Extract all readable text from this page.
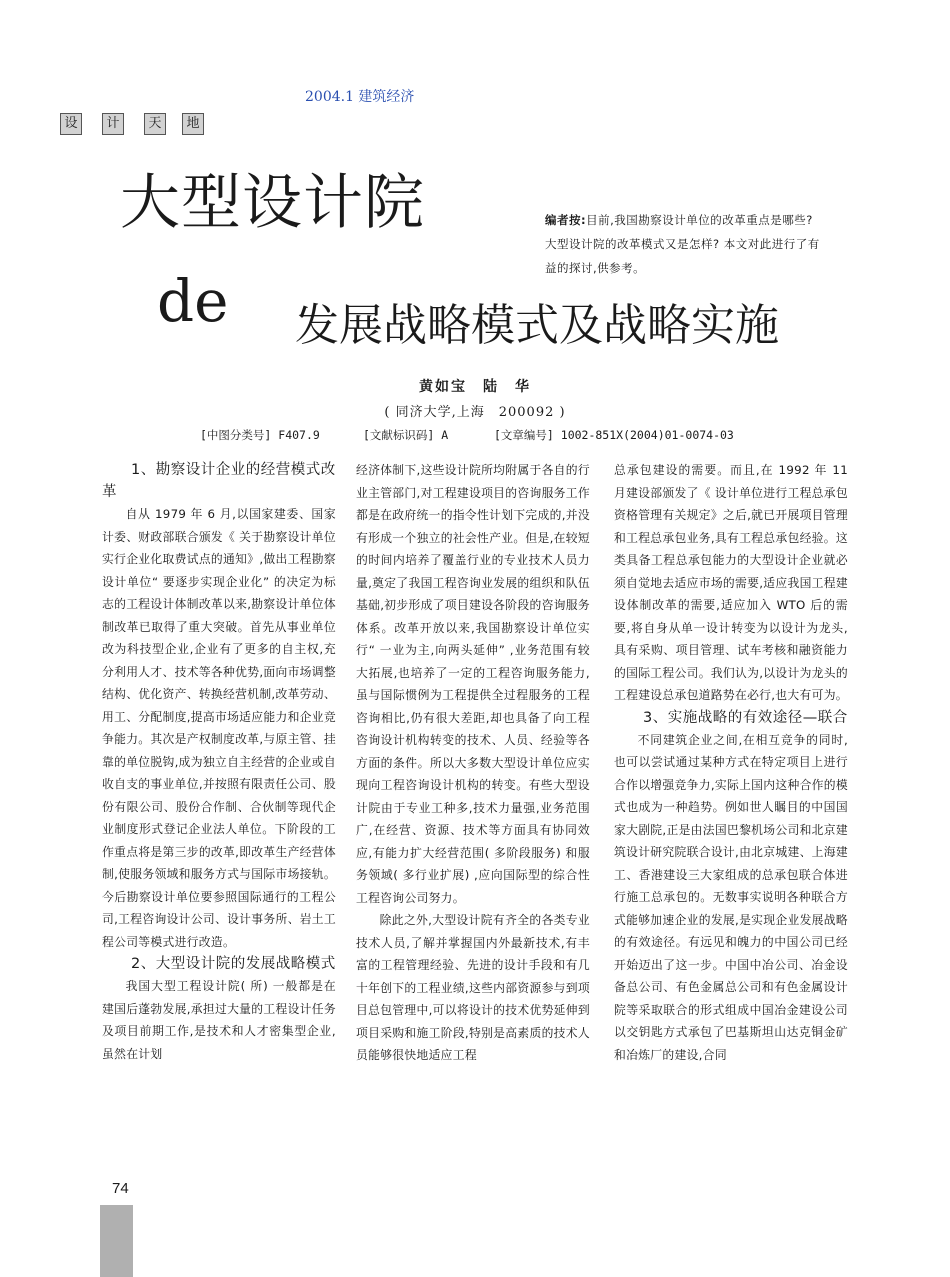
2004.1 建筑经济
设	计	天	地
大型设计院
de 发展战略模式及战略实施
编者按:目前,我国勘察设计单位的改革重点是哪些? 大型设计院的改革模式又是怎样? 本文对此进行了有益的探讨,供参考。
黄如宝　陆　华
( 同济大学,上海　200092 )
[中图分类号] F407.9	[文献标识码] A	[文章编号] 1002-851X(2004)01-0074-03
1、勘察设计企业的经营模式改革

自从 1979 年 6 月,以国家建委、国家计委、财政部联合颁发《 关于勘察设计单位实行企业化取费试点的通知》,做出工程勘察设计单位“ 要逐步实现企业化” 的决定为标志的工程设计体制改革以来,勘察设计单位体制改革已取得了重大突破。首先从事业单位改为科技型企业,企业有了更多的自主权,充分利用人才、技术等各种优势,面向市场调整结构、优化资产、转换经营机制,改革劳动、用工、分配制度,提高市场适应能力和企业竞争能力。其次是产权制度改革,与原主管、挂靠的单位脱钩,成为独立自主经营的企业或自收自支的事业单位,并按照有限责任公司、股份有限公司、股份合作制、合伙制等现代企业制度形式登记企业法人单位。下阶段的工作重点将是第三步的改革,即改革生产经营体制,使服务领域和服务方式与国际市场接轨。今后勘察设计单位要参照国际通行的工程公司,工程咨询设计公司、设计事务所、岩土工程公司等模式进行改造。

2、大型设计院的发展战略模式

我国大型工程设计院( 所) 一般都是在建国后蓬勃发展,承担过大量的工程设计任务及项目前期工作,是技术和人才密集型企业,虽然在计划

经济体制下,这些设计院所均附属于各自的行业主管部门,对工程建设项目的咨询服务工作都是在政府统一的指令性计划下完成的,并没有形成一个独立的社会性产业。但是,在较短的时间内培养了覆盖行业的专业技术人员力量,奠定了我国工程咨询业发展的组织和队伍基础,初步形成了项目建设各阶段的咨询服务体系。改革开放以来,我国勘察设计单位实行“ 一业为主,向两头延伸” ,业务范围有较大拓展,也培养了一定的工程咨询服务能力,虽与国际惯例为工程提供全过程服务的工程咨询相比,仍有很大差距,却也具备了向工程咨询设计机构转变的技术、人员、经验等各方面的条件。所以大多数大型设计单位应实现向工程咨询设计机构的转变。有些大型设计院由于专业工种多,技术力量强,业务范围广,在经营、资源、技术等方面具有协同效应,有能力扩大经营范围( 多阶段服务) 和服务领域( 多行业扩展) ,应向国际型的综合性工程咨询公司努力。

除此之外,大型设计院有齐全的各类专业技术人员,了解并掌握国内外最新技术,有丰富的工程管理经验、先进的设计手段和有几十年创下的工程业绩,这些内部资源参与到项目总包管理中,可以将设计的技术优势延伸到项目采购和施工阶段,特别是高素质的技术人员能够很快地适应工程

总承包建设的需要。而且,在 1992 年 11 月建设部颁发了《 设计单位进行工程总承包资格管理有关规定》之后,就已开展项目管理和工程总承包业务,具有工程总承包经验。这类具备工程总承包能力的大型设计企业就必须自觉地去适应市场的需要,适应我国工程建设体制改革的需要,适应加入 WTO 后的需要,将自身从单一设计转变为以设计为龙头,具有采购、项目管理、试车考核和融资能力的国际工程公司。我们认为,以设计为龙头的工程建设总承包道路势在必行,也大有可为。

3、实施战略的有效途径—联合

不同建筑企业之间,在相互竞争的同时,也可以尝试通过某种方式在特定项目上进行合作以增强竞争力,实际上国内这种合作的模式也成为一种趋势。例如世人瞩目的中国国家大剧院,正是由法国巴黎机场公司和北京建筑设计研究院联合设计,由北京城建、上海建工、香港建设三大家组成的总承包联合体进行施工总承包的。无数事实说明各种联合方式能够加速企业的发展,是实现企业发展战略的有效途径。有远见和魄力的中国公司已经开始迈出了这一步。中国中冶公司、冶金设备总公司、有色金属总公司和有色金属设计院等采取联合的形式组成中国冶金建设公司以交钥匙方式承包了巴基斯坦山达克铜金矿和冶炼厂的建设,合同

74
